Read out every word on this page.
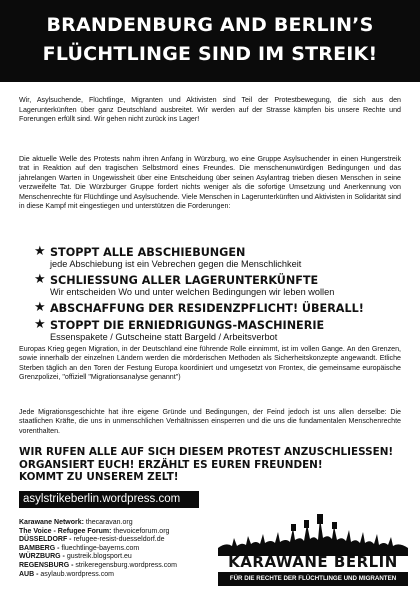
BRANDENBURG AND BERLIN’S
FLÜCHTLINGE SIND IM STREIK!
Wir, Asylsuchende, Flüchtlinge, Migranten und Aktivisten sind Teil der Protestbewegung, die sich aus den Lagerunterkünften über ganz Deutschland ausbreitet. Wir werden auf der Strasse kämpfen bis unsere Rechte und Forerungen erfüllt sind. Wir gehen nicht zurück ins Lager!
Die aktuelle Welle des Protests nahm ihren Anfang in Würzburg, wo eine Gruppe Asylsuchender in einen Hungerstreik trat in Reaktion auf den tragischen Selbstmord eines Freundes. Die menschenunwürdigen Bedingungen und das jahrelangen Warten in Ungewissheit über eine Entscheidung über seinen Asylantrag trieben diesen Menschen in seine verzweifelte Tat. Die Würzburger Gruppe fordert nichts weniger als die sofortige Umsetzung und Anerkennung von Menschenrechte für Flüchtlinge und Asylsuchende. Viele Menschen in Lagerunterkünften und Aktivisten in Solidarität sind in diese Kampf mit eingestiegen und unterstützen die Forderungen:
★ STOPPT ALLE ABSCHIEBUNGEN
jede Abschiebung ist ein Vebrechen gegen die Menschlichkeit
★ SCHLIESSUNG ALLER LAGERUNTERKÜNFTE
Wir entscheiden Wo und unter welchen Bedingungen wir leben wollen
★ ABSCHAFFUNG DER RESIDENZPFLICHT! ÜBERALL!
★ STOPPT DIE ERNIEDRIGUNGS-MASCHINERIE
Essenspakete / Gutscheine statt Bargeld / Arbeitsverbot
Europas Krieg gegen Migration, in der Deutschland eine führende Rolle einnimmt, ist im vollen Gange. An den Grenzen, sowie innerhalb der einzelnen Ländern werden die mörderischen Methoden als Sicherheitskonzepte angewandt. Etliche Sterben täglich an den Toren der Festung Europa koordiniert und umgesetzt von Frontex, die gemeinsame europäische Grenzpolizei, "offiziell "Migrationsanalyse genannt")
Jede Migrationsgeschichte hat ihre eigene Gründe und Bedingungen, der Feind jedoch ist uns allen derselbe: Die staatlichen Kräfte, die uns in unmenschlichen Verhältnissen einsperren und die uns die fundamentalen Menschenrechte vorenthalten.
WIR RUFEN ALLE AUF SICH DIESEM PROTEST ANZUSCHLIESSEN!
ORGANSIERT EUCH! ERZÄHLT ES EUREN FREUNDEN!
KOMMT ZU UNSEREM ZELT!
asylstrikeberlin.wordpress.com
Karawane Network: thecaravan.org
The Voice - Refugee Forum: thevoiceforum.org
DÜSSELDORF - refugee-resist-duesseldorf.de
BAMBERG - fluechtlinge-bayerns.com
WÜRZBURG - gustreik.blogsport.eu
REGENSBURG - strikeregensburg.wordpress.com
AUB - asylaub.wordpress.com
KARAWANE BERLIN
FÜR DIE RECHTE DER FLÜCHTLINGE UND MIGRANTEN
